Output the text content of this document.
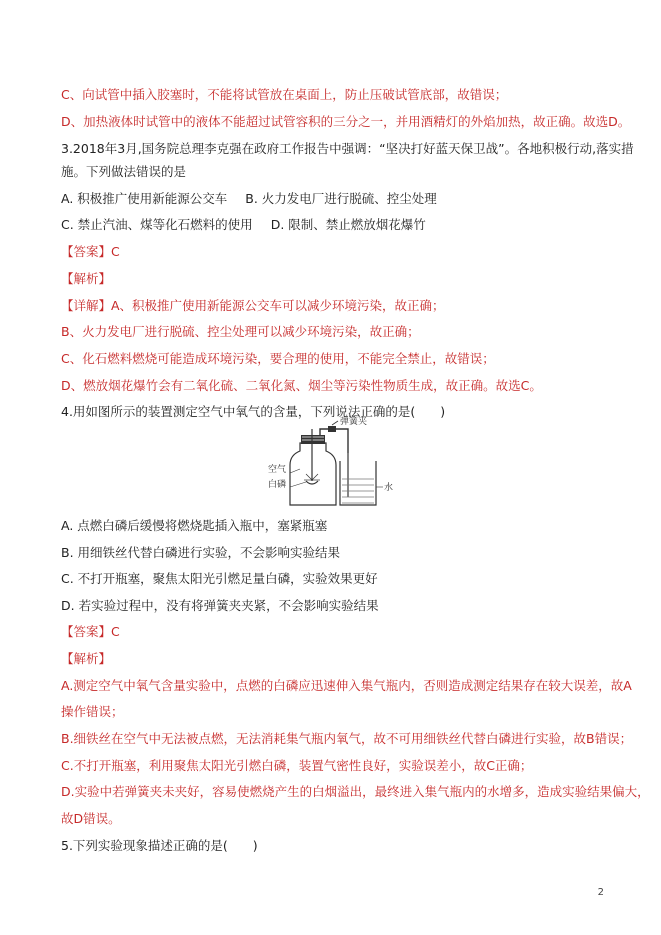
C、向试管中插入胶塞时，不能将试管放在桌面上，防止压破试管底部，故错误；
D、加热液体时试管中的液体不能超过试管容积的三分之一，并用酒精灯的外焰加热，故正确。故选D。
3.2018年3月,国务院总理李克强在政府工作报告中强调：“坚决打好蓝天保卫战”。各地积极行动,落实措
施。下列做法错误的是
A. 积极推广使用新能源公交车 B. 火力发电厂进行脱硫、控尘处理
C. 禁止汽油、煤等化石燃料的使用 D. 限制、禁止燃放烟花爆竹
【答案】C
【解析】
【详解】A、积极推广使用新能源公交车可以减少环境污染，故正确；
B、火力发电厂进行脱硫、控尘处理可以减少环境污染，故正确；
C、化石燃料燃烧可能造成环境污染，要合理的使用，不能完全禁止，故错误；
D、燃放烟花爆竹会有二氧化硫、二氧化氮、烟尘等污染性物质生成，故正确。故选C。
4.用如图所示的装置测定空气中氧气的含量，下列说法正确的是(　　)
弹簧夹
空气
白磷	水
A. 点燃白磷后缓慢将燃烧匙插入瓶中，塞紧瓶塞
B. 用细铁丝代替白磷进行实验，不会影响实验结果
C. 不打开瓶塞，聚焦太阳光引燃足量白磷，实验效果更好
D. 若实验过程中，没有将弹簧夹夹紧，不会影响实验结果
【答案】C
【解析】
A.测定空气中氧气含量实验中，点燃的白磷应迅速伸入集气瓶内，否则造成测定结果存在较大误差，故A
操作错误；
B.细铁丝在空气中无法被点燃，无法消耗集气瓶内氧气，故不可用细铁丝代替白磷进行实验，故B错误；
C.不打开瓶塞，利用聚焦太阳光引燃白磷，装置气密性良好，实验误差小，故C正确；
D.实验中若弹簧夹未夹好，容易使燃烧产生的白烟溢出，最终进入集气瓶内的水增多，造成实验结果偏大，
故D错误。
5.下列实验现象描述正确的是(　　)
2
